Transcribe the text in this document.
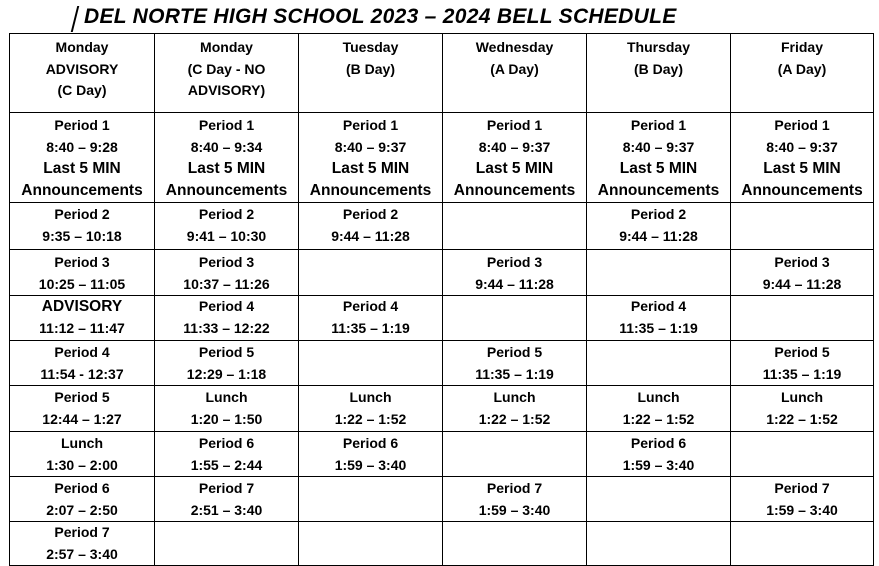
DEL NORTE HIGH SCHOOL 2023 – 2024 BELL SCHEDULE
Monday
ADVISORY
(C Day)	Monday
(C Day - NO
ADVISORY)	Tuesday
(B Day)	Wednesday
(A Day)	Thursday
(B Day)	Friday
(A Day)

Period 1
8:40 – 9:28
Last 5 MIN
Announcements	Period 1
8:40 – 9:34
Last 5 MIN
Announcements	Period 1
8:40 – 9:37
Last 5 MIN
Announcements	Period 1
8:40 – 9:37
Last 5 MIN
Announcements	Period 1
8:40 – 9:37
Last 5 MIN
Announcements	Period 1
8:40 – 9:37
Last 5 MIN
Announcements

Period 2
9:35 – 10:18	Period 2
9:41 – 10:30	Period 2
9:44 – 11:28		Period 2
9:44 – 11:28	

Period 3
10:25 – 11:05	Period 3
10:37 – 11:26		Period 3
9:44 – 11:28		Period 3
9:44 – 11:28

ADVISORY
11:12 – 11:47	Period 4
11:33 – 12:22	Period 4
11:35 – 1:19		Period 4
11:35 – 1:19	

Period 4
11:54 - 12:37	Period 5
12:29 – 1:18		Period 5
11:35 – 1:19		Period 5
11:35 – 1:19

Period 5
12:44 – 1:27	Lunch
1:20 – 1:50	Lunch
1:22 – 1:52	Lunch
1:22 – 1:52	Lunch
1:22 – 1:52	Lunch
1:22 – 1:52

Lunch
1:30 – 2:00	Period 6
1:55 – 2:44	Period 6
1:59 – 3:40		Period 6
1:59 – 3:40	

Period 6
2:07 – 2:50	Period 7
2:51 – 3:40		Period 7
1:59 – 3:40		Period 7
1:59 – 3:40

Period 7
2:57 – 3:40					
